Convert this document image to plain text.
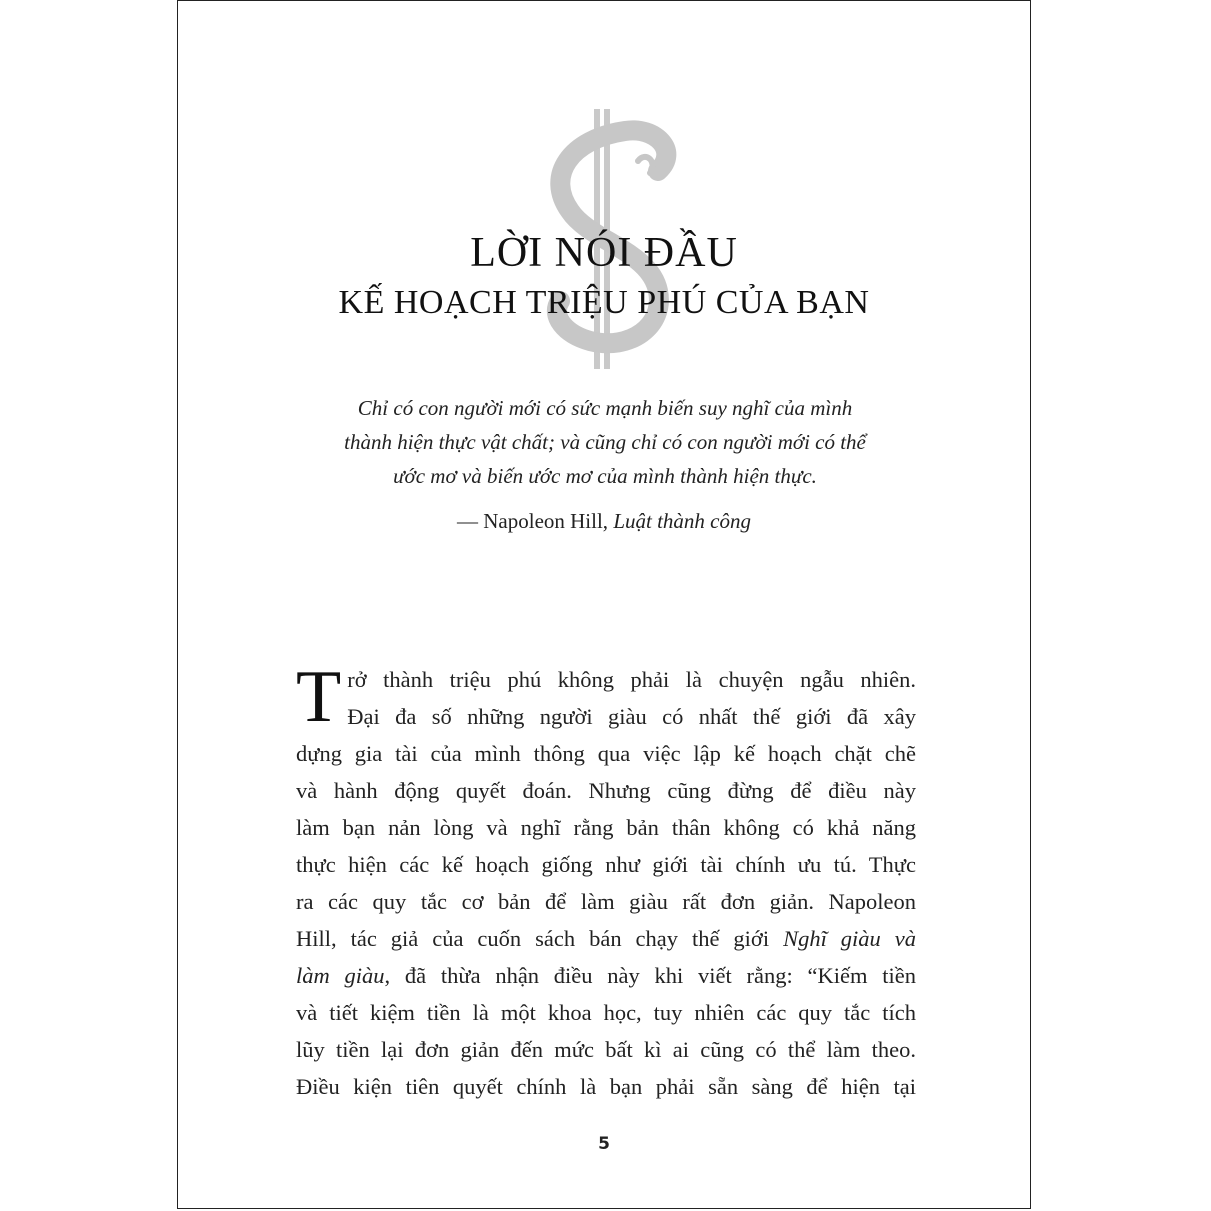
LỜI NÓI ĐẦU
KẾ HOẠCH TRIỆU PHÚ CỦA BẠN
Chỉ có con người mới có sức mạnh biến suy nghĩ của mình
thành hiện thực vật chất; và cũng chỉ có con người mới có thể
ước mơ và biến ước mơ của mình thành hiện thực.
— Napoleon Hill, Luật thành công
T rở thành triệu phú không phải là chuyện ngẫu nhiên.
Đại đa số những người giàu có nhất thế giới đã xây
dựng gia tài của mình thông qua việc lập kế hoạch chặt chẽ
và hành động quyết đoán. Nhưng cũng đừng để điều này
làm bạn nản lòng và nghĩ rằng bản thân không có khả năng
thực hiện các kế hoạch giống như giới tài chính ưu tú. Thực
ra các quy tắc cơ bản để làm giàu rất đơn giản. Napoleon
Hill, tác giả của cuốn sách bán chạy thế giới Nghĩ giàu và
làm giàu, đã thừa nhận điều này khi viết rằng: “Kiếm tiền
và tiết kiệm tiền là một khoa học, tuy nhiên các quy tắc tích
lũy tiền lại đơn giản đến mức bất kì ai cũng có thể làm theo.
Điều kiện tiên quyết chính là bạn phải sẵn sàng để hiện tại
5
